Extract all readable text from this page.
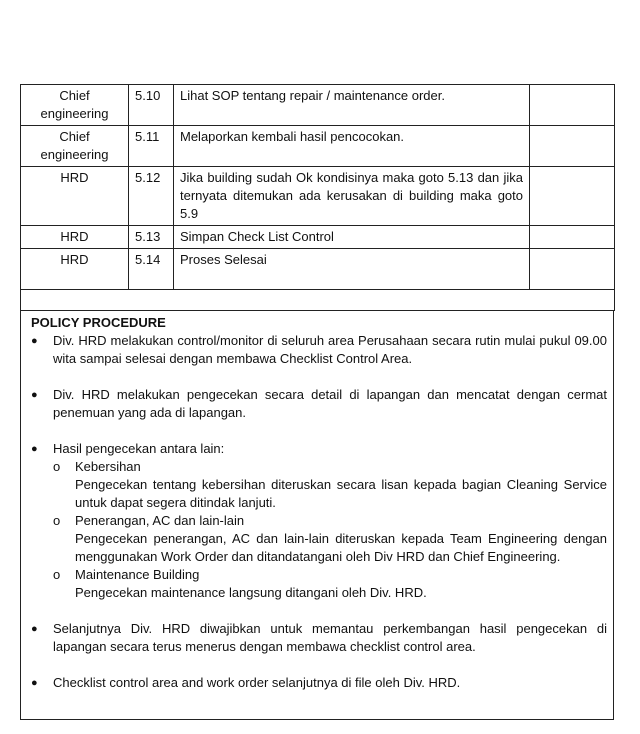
Chief engineering	5.10	Lihat SOP tentang repair / maintenance order.	
Chief engineering	5.11	Melaporkan kembali hasil pencocokan.	
HRD	5.12	Jika building sudah Ok kondisinya maka goto 5.13 dan jika ternyata ditemukan ada kerusakan di building maka goto 5.9	
HRD	5.13	Simpan Check List Control	
HRD	5.14	Proses Selesai	

POLICY PROCEDURE
●	Div. HRD melakukan control/monitor di seluruh area Perusahaan secara rutin mulai pukul 09.00 wita sampai selesai dengan membawa Checklist Control Area.
●	Div. HRD melakukan pengecekan secara detail di lapangan dan mencatat dengan cermat penemuan yang ada di lapangan.
●	Hasil pengecekan antara lain:
o	Kebersihan
Pengecekan tentang kebersihan diteruskan secara lisan kepada bagian Cleaning Service untuk dapat segera ditindak lanjuti.
o	Penerangan, AC dan lain-lain
Pengecekan penerangan, AC dan lain-lain diteruskan kepada Team Engineering dengan menggunakan Work Order dan ditandatangani oleh Div HRD dan Chief Engineering.
o	Maintenance Building
Pengecekan maintenance langsung ditangani oleh Div. HRD.
●	Selanjutnya Div. HRD diwajibkan untuk memantau perkembangan hasil pengecekan di lapangan secara terus menerus dengan membawa checklist control area.
●	Checklist control area and work order selanjutnya di file oleh Div. HRD.
